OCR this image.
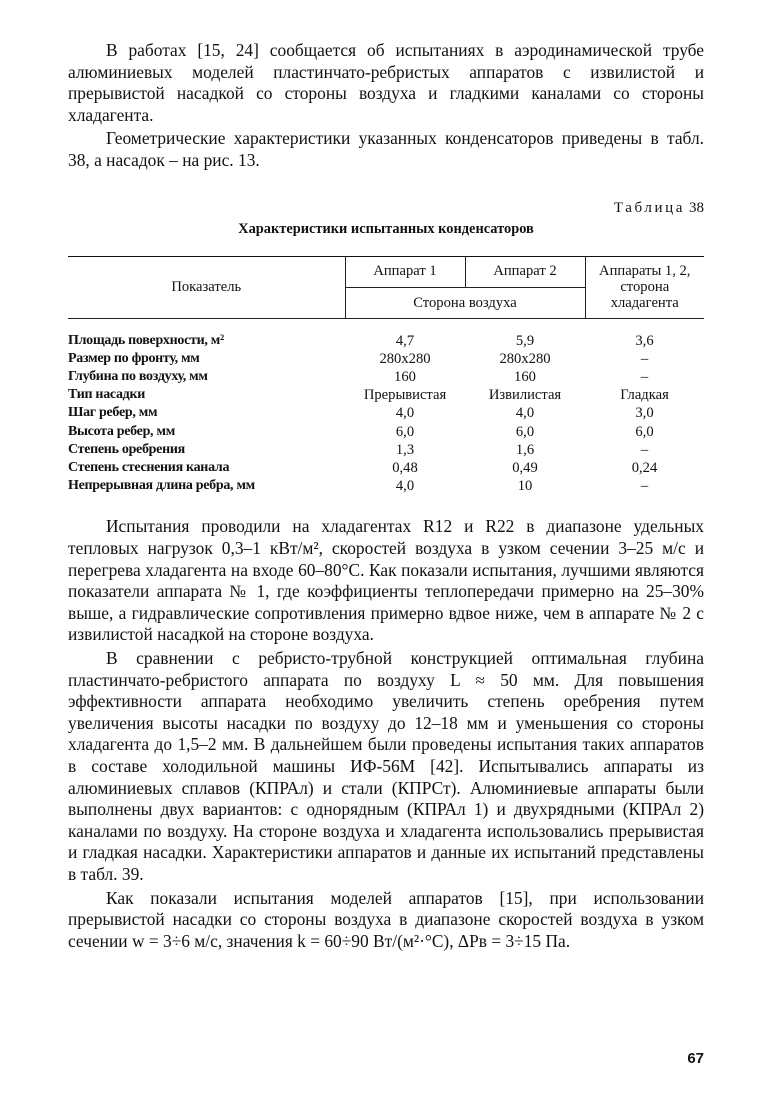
В работах [15, 24] сообщается об испытаниях в аэродинамической трубе алюминиевых моделей пластинчато-ребристых аппаратов с извилистой и прерывистой насадкой со стороны воздуха и гладкими каналами со стороны хладагента.

Геометрические характеристики указанных конденсаторов приведены в табл. 38, а насадок – на рис. 13.

Таблица 38
Характеристики испытанных конденсаторов
Показатель	Аппарат 1	Аппарат 2	Аппараты 1, 2, сторона хладагента
	Сторона воздуха		
Площадь поверхности, м²	4,7	5,9	3,6
Размер по фронту, мм	280x280	280x280	–
Глубина по воздуху, мм	160	160	–
Тип насадки	Прерывистая	Извилистая	Гладкая
Шаг ребер, мм	4,0	4,0	3,0
Высота ребер, мм	6,0	6,0	6,0
Степень оребрения	1,3	1,6	–
Степень стеснения канала	0,48	0,49	0,24
Непрерывная длина ребра, мм	4,0	10	–

Испытания проводили на хладагентах R12 и R22 в диапазоне удельных тепловых нагрузок 0,3–1 кВт/м², скоростей воздуха в узком сечении 3–25 м/с и перегрева хладагента на входе 60–80°С. Как показали испытания, лучшими являются показатели аппарата № 1, где коэффициенты теплопередачи примерно на 25–30% выше, а гидравлические сопротивления примерно вдвое ниже, чем в аппарате № 2 с извилистой насадкой на стороне воздуха.

В сравнении с ребристо-трубной конструкцией оптимальная глубина пластинчато-ребристого аппарата по воздуху L ≈ 50 мм. Для повышения эффективности аппарата необходимо увеличить степень оребрения путем увеличения высоты насадки по воздуху до 12–18 мм и уменьшения со стороны хладагента до 1,5–2 мм. В дальнейшем были проведены испытания таких аппаратов в составе холодильной машины ИФ-56М [42]. Испытывались аппараты из алюминиевых сплавов (КПРАл) и стали (КПРСт). Алюминиевые аппараты были выполнены двух вариантов: с однорядным (КПРАл 1) и двухрядными (КПРАл 2) каналами по воздуху. На стороне воздуха и хладагента использовались прерывистая и гладкая насадки. Характеристики аппаратов и данные их испытаний представлены в табл. 39.

Как показали испытания моделей аппаратов [15], при использовании прерывистой насадки со стороны воздуха в диапазоне скоростей воздуха в узком сечении w = 3÷6 м/с, значения k = 60÷90 Вт/(м²·°С), ΔPв = 3÷15 Па.

67
